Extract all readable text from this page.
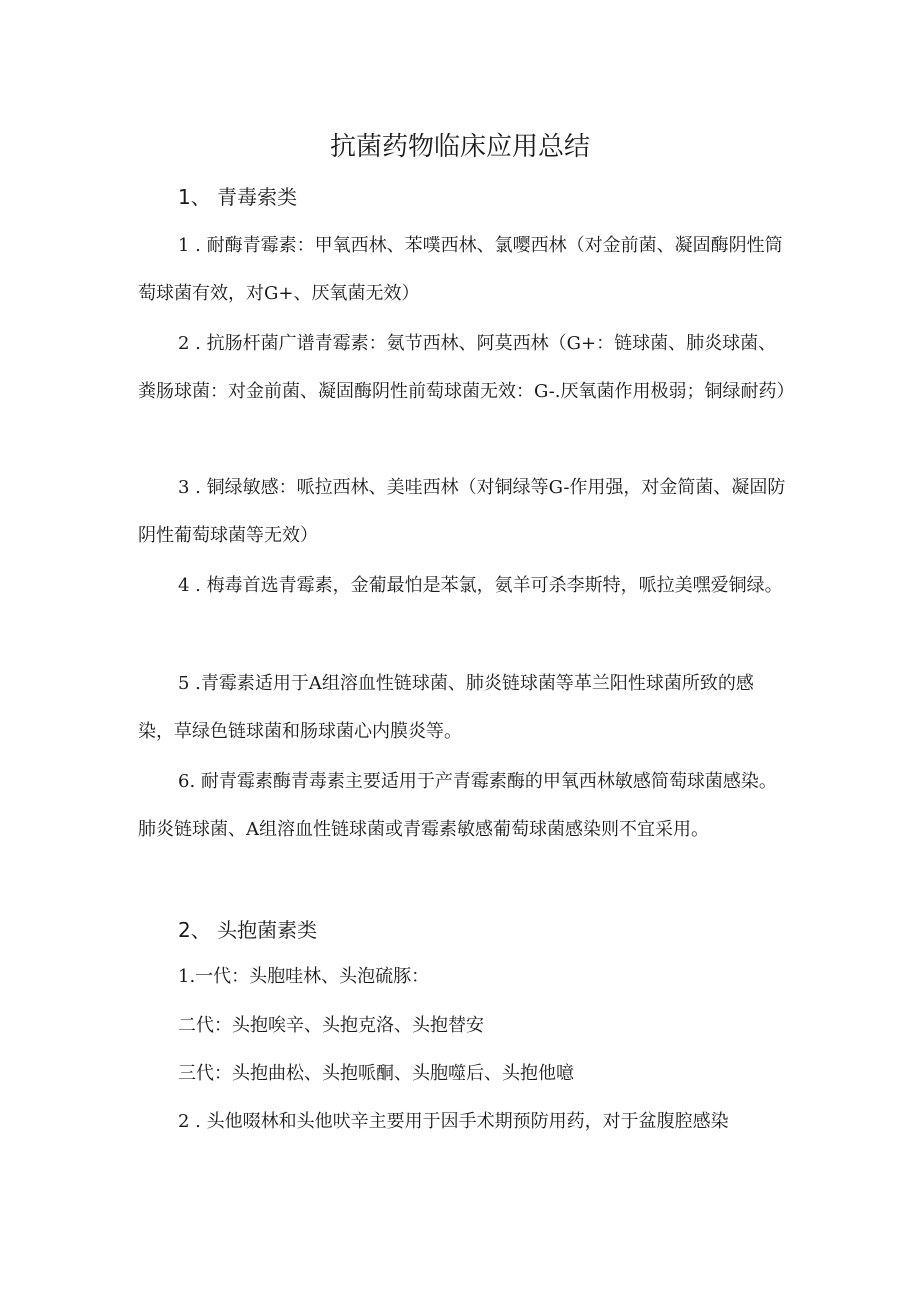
抗菌药物临床应用总结
1、 青毒索类

1 . 耐酶青霉素：甲氧西林、苯噗西林、氯嘤西林（对金前菌、凝固酶阴性筒萄球菌有效，对G+、厌氧菌无效）

2 . 抗肠杆菌广谱青霉素：氨节西林、阿莫西林（G+：链球菌、肺炎球菌、粪肠球菌：对金前菌、凝固酶阴性前萄球菌无效：G-.厌氧菌作用极弱；铜绿耐药）

3 . 铜绿敏感：哌拉西林、美哇西林（对铜绿等G-作用强，对金简菌、凝固防阴性葡萄球菌等无效）

4 . 梅毒首选青霉素，金葡最怕是苯氯，氨羊可杀李斯特，哌拉美嘿爱铜绿。

5 .青霉素适用于A组溶血性链球菌、肺炎链球菌等革兰阳性球菌所致的感染，草绿色链球菌和肠球菌心内膜炎等。

6. 耐青霉素酶青毒素主要适用于产青霉素酶的甲氧西林敏感简萄球菌感染。肺炎链球菌、A组溶血性链球菌或青霉素敏感葡萄球菌感染则不宜采用。

2、 头抱菌素类

1.一代：头胞哇林、头泡硫豚：

二代：头抱唉辛、头抱克洛、头抱替安

三代：头抱曲松、头抱哌酮、头胞噬后、头抱他噫

2 . 头他啜林和头他吠辛主要用于因手术期预防用药，对于盆腹腔感染
